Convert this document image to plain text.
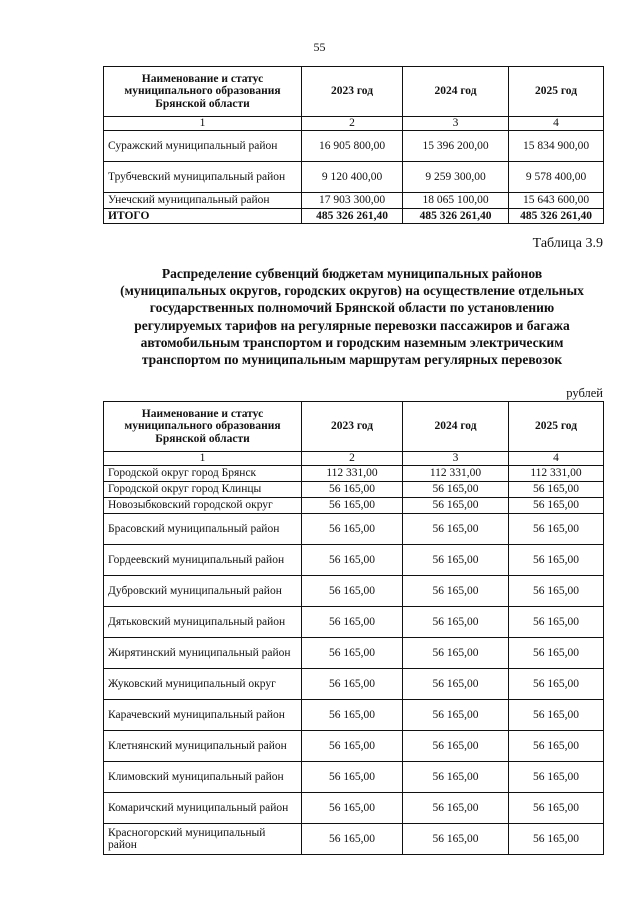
55
Наименование и статус муниципального образования Брянской области	2023 год	2024 год	2025 год
1	2	3	4
Суражский муниципальный район	16 905 800,00	15 396 200,00	15 834 900,00
Трубчевский муниципальный район	9 120 400,00	9 259 300,00	9 578 400,00
Унечский муниципальный район	17 903 300,00	18 065 100,00	15 643 600,00
ИТОГО	485 326 261,40	485 326 261,40	485 326 261,40
Таблица 3.9
Распределение субвенций бюджетам муниципальных районов (муниципальных округов, городских округов) на осуществление отдельных государственных полномочий Брянской области по установлению регулируемых тарифов на регулярные перевозки пассажиров и багажа автомобильным транспортом и городским наземным электрическим транспортом по муниципальным маршрутам регулярных перевозок
рублей
Наименование и статус муниципального образования Брянской области	2023 год	2024 год	2025 год
1	2	3	4
Городской округ город Брянск	112 331,00	112 331,00	112 331,00
Городской округ город Клинцы	56 165,00	56 165,00	56 165,00
Новозыбковский городской округ	56 165,00	56 165,00	56 165,00
Брасовский муниципальный район	56 165,00	56 165,00	56 165,00
Гордеевский муниципальный район	56 165,00	56 165,00	56 165,00
Дубровский муниципальный район	56 165,00	56 165,00	56 165,00
Дятьковский муниципальный район	56 165,00	56 165,00	56 165,00
Жирятинский муниципальный район	56 165,00	56 165,00	56 165,00
Жуковский муниципальный округ	56 165,00	56 165,00	56 165,00
Карачевский муниципальный район	56 165,00	56 165,00	56 165,00
Клетнянский муниципальный район	56 165,00	56 165,00	56 165,00
Климовский муниципальный район	56 165,00	56 165,00	56 165,00
Комаричский муниципальный район	56 165,00	56 165,00	56 165,00
Красногорский муниципальный район	56 165,00	56 165,00	56 165,00
